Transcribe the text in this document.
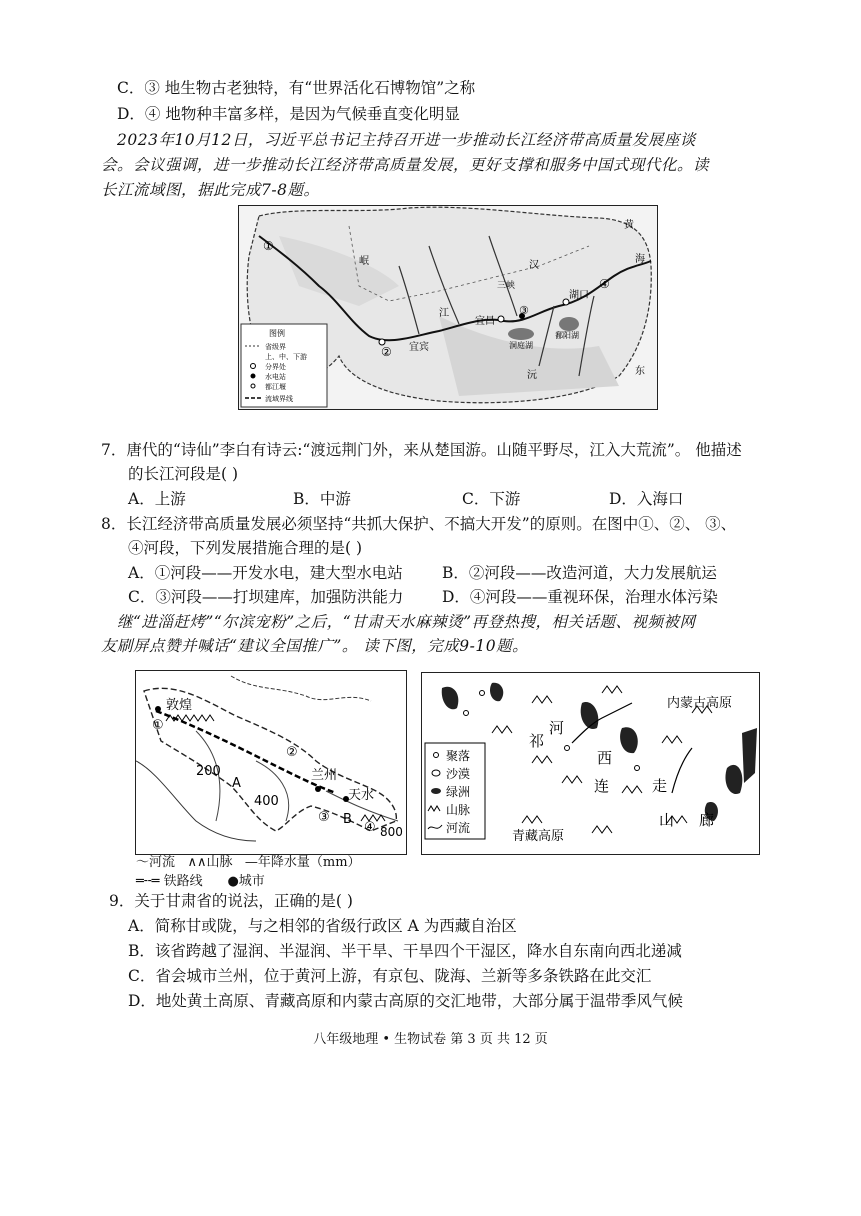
C．③ 地生物古老独特，有“世界活化石博物馆”之称
D．④ 地物种丰富多样，是因为气候垂直变化明显
2023年10月12日，习近平总书记主持召开进一步推动长江经济带高质量发展座谈
会。会议强调，进一步推动长江经济带高质量发展，更好支撑和服务中国式现代化。读
长江流域图，据此完成7-8题。
①
②
③
④
宜宾
宜昌
三峡
湖口
洞庭湖
鄱阳湖
汉
岷
江
沅
黄
海
东
图例
省级界
上、中、下游
分界处
水电站
都江堰
流域界线
7．唐代的“诗仙”李白有诗云:“渡远荆门外，来从楚国游。山随平野尽，江入大荒流”。 他描述
的长江河段是( )
A．上游	B．中游	C．下游	D．入海口
8．长江经济带高质量发展必须坚持“共抓大保护、不搞大开发”的原则。在图中①、②、 ③、
④河段，下列发展措施合理的是( )
A．①河段——开发水电，建大型水电站	B．②河段——改造河道，大力发展航运
C．③河段——打坝建库，加强防洪能力 D．④河段——重视环保，治理水体污染
继“进淄赶烤”“尔滨宠粉”之后，“甘肃天水麻辣烫”再登热搜，相关话题、视频被网
友刷屏点赞并喊话“建议全国推广”。 读下图，完成9-10题。
敦煌
①
②
200
A
兰州
400	天水
③ B
④ 800
～河流 ∧∧山脉 —年降水量（mm）
═╌═ 铁路线 ●城市
内蒙古高原
青藏高原
祁
连
山
河
西
走
廊
聚落
沙漠
绿洲
山脉
河流
9．关于甘肃省的说法，正确的是( )
A．简称甘或陇，与之相邻的省级行政区 A 为西藏自治区
B．该省跨越了湿润、半湿润、半干旱、干旱四个干湿区，降水自东南向西北递减
C．省会城市兰州，位于黄河上游，有京包、陇海、兰新等多条铁路在此交汇
D．地处黄土高原、青藏高原和内蒙古高原的交汇地带，大部分属于温带季风气候
八年级地理 • 生物试卷 第 3 页 共 12 页
